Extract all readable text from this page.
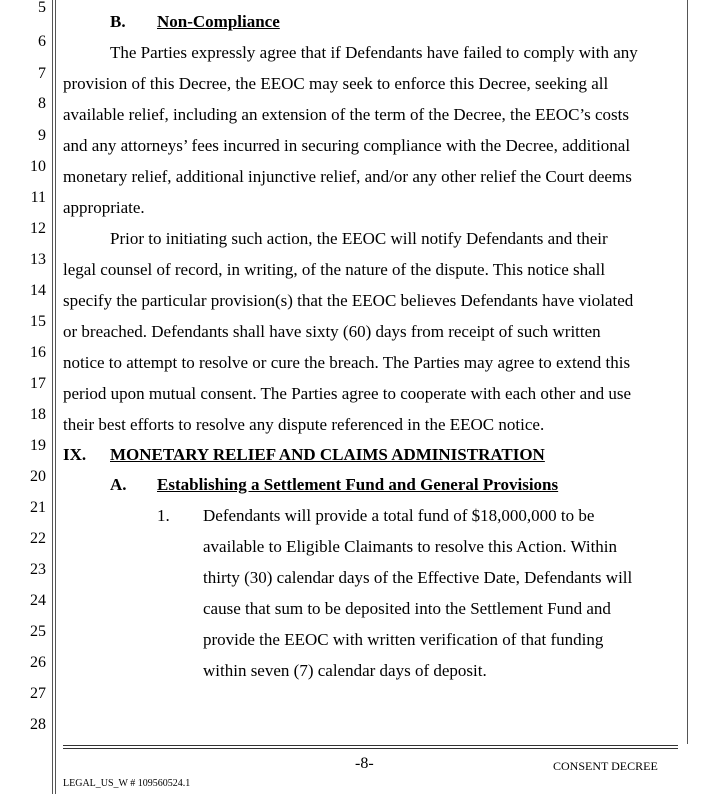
5
6
7
8
9
10
11
12
13
14
15
16
17
18
19
20
21
22
23
24
25
26
27
28
B. Non-Compliance
The Parties expressly agree that if Defendants have failed to comply with any
provision of this Decree, the EEOC may seek to enforce this Decree, seeking all
available relief, including an extension of the term of the Decree, the EEOC’s costs
and any attorneys’ fees incurred in securing compliance with the Decree, additional
monetary relief, additional injunctive relief, and/or any other relief the Court deems
appropriate.
Prior to initiating such action, the EEOC will notify Defendants and their
legal counsel of record, in writing, of the nature of the dispute. This notice shall
specify the particular provision(s) that the EEOC believes Defendants have violated
or breached. Defendants shall have sixty (60) days from receipt of such written
notice to attempt to resolve or cure the breach. The Parties may agree to extend this
period upon mutual consent. The Parties agree to cooperate with each other and use
their best efforts to resolve any dispute referenced in the EEOC notice.
IX. MONETARY RELIEF AND CLAIMS ADMINISTRATION
A. Establishing a Settlement Fund and General Provisions
1. Defendants will provide a total fund of $18,000,000 to be
available to Eligible Claimants to resolve this Action. Within
thirty (30) calendar days of the Effective Date, Defendants will
cause that sum to be deposited into the Settlement Fund and
provide the EEOC with written verification of that funding
within seven (7) calendar days of deposit.
-8-	CONSENT DECREE
LEGAL_US_W # 109560524.1
